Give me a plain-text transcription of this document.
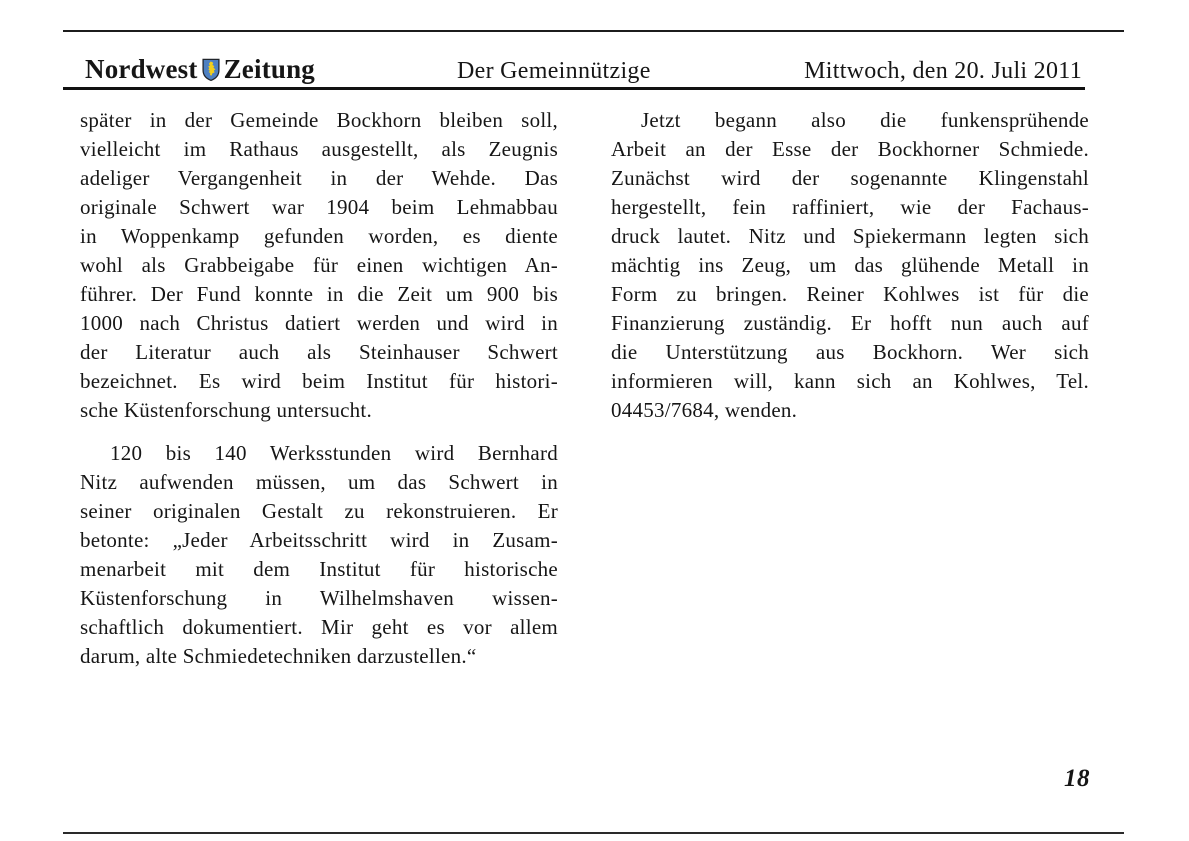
Nordwest Zeitung	Der Gemeinnützige	Mittwoch, den 20. Juli 2011
später in der Gemeinde Bockhorn bleiben soll,
vielleicht im Rathaus ausgestellt, als Zeugnis
adeliger Vergangenheit in der Wehde. Das
originale Schwert war 1904 beim Lehmabbau
in Woppenkamp gefunden worden, es diente
wohl als Grabbeigabe für einen wichtigen An-
führer. Der Fund konnte in die Zeit um 900 bis
1000 nach Christus datiert werden und wird in
der Literatur auch als Steinhauser Schwert
bezeichnet. Es wird beim Institut für histori-
sche Küstenforschung untersucht.
120 bis 140 Werksstunden wird Bernhard
Nitz aufwenden müssen, um das Schwert in
seiner originalen Gestalt zu rekonstruieren. Er
betonte: „Jeder Arbeitsschritt wird in Zusam-
menarbeit mit dem Institut für historische
Küstenforschung in Wilhelmshaven wissen-
schaftlich dokumentiert. Mir geht es vor allem
darum, alte Schmiedetechniken darzustellen.“
Jetzt begann also die funkensprühende
Arbeit an der Esse der Bockhorner Schmiede.
Zunächst wird der sogenannte Klingenstahl
hergestellt, fein raffiniert, wie der Fachaus-
druck lautet. Nitz und Spiekermann legten sich
mächtig ins Zeug, um das glühende Metall in
Form zu bringen. Reiner Kohlwes ist für die
Finanzierung zuständig. Er hofft nun auch auf
die Unterstützung aus Bockhorn. Wer sich
informieren will, kann sich an Kohlwes, Tel.
04453/7684, wenden.
18
